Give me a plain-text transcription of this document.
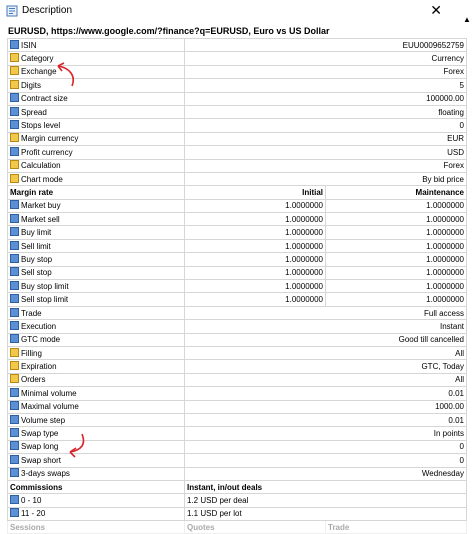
Description	✕
▲
EURUSD, https://www.google.com/?finance?q=EURUSD, Euro vs US Dollar
ISIN	EUU0009652759	
Category	Currency	
Exchange	Forex	
Digits	5	
Contract size	100000.00	
Spread	floating	
Stops level	0	
Margin currency	EUR	
Profit currency	USD	
Calculation	Forex	
Chart mode	By bid price	
Margin rate	Initial	Maintenance
Market buy	1.0000000	1.0000000
Market sell	1.0000000	1.0000000
Buy limit	1.0000000	1.0000000
Sell limit	1.0000000	1.0000000
Buy stop	1.0000000	1.0000000
Sell stop	1.0000000	1.0000000
Buy stop limit	1.0000000	1.0000000
Sell stop limit	1.0000000	1.0000000
Trade	Full access	
Execution	Instant	
GTC mode	Good till cancelled	
Filling	All	
Expiration	GTC, Today	
Orders	All	
Minimal volume	0.01	
Maximal volume	1000.00	
Volume step	0.01	
Swap type	In points	
Swap long	0	
Swap short	0	
3-days swaps	Wednesday	
Commissions	Instant, in/out deals	
0 - 10	1.2 USD per deal	
11 - 20	1.1 USD per lot	
Sessions	Quotes	Trade
